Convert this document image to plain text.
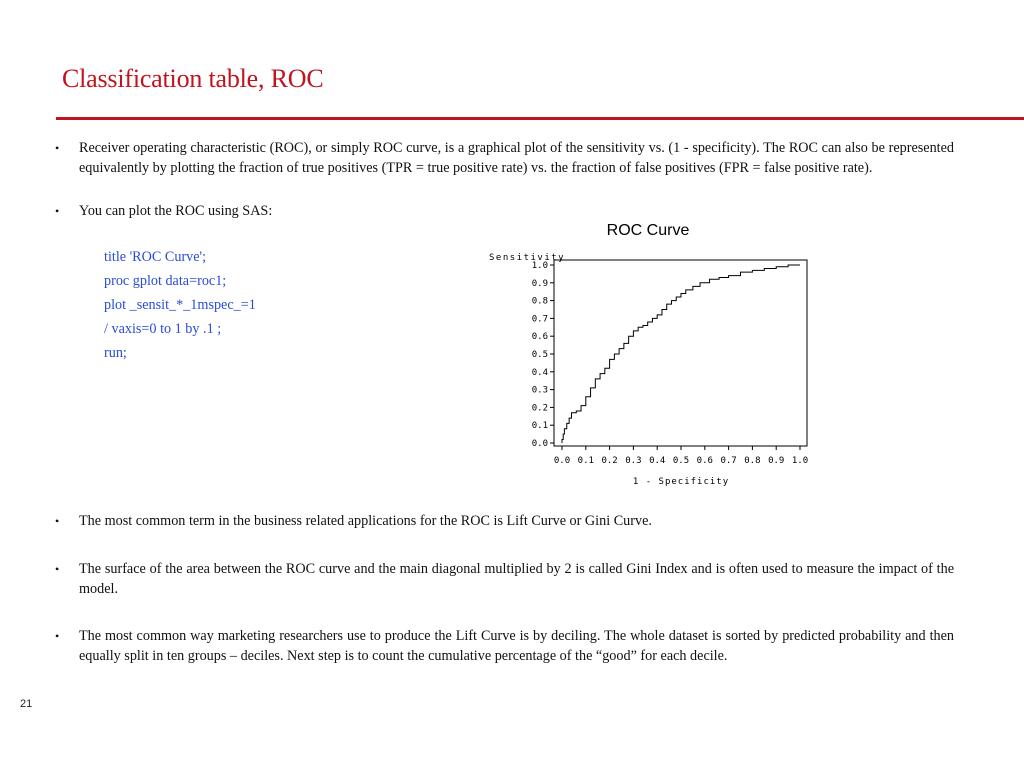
Classification table, ROC
• Receiver operating characteristic (ROC), or simply ROC curve, is a graphical plot of the sensitivity vs. (1 - specificity). The ROC can also be represented equivalently by plotting the fraction of true positives (TPR = true positive rate) vs. the fraction of false positives (FPR = false positive rate).
• You can plot the ROC using SAS:
title 'ROC Curve';
proc gplot data=roc1;
plot _sensit_*_1mspec_=1
/ vaxis=0 to 1 by .1 ;
run;
ROC Curve
Sensitivity
1 - Specificity
0.0
0.1
0.2
0.3
0.4
0.5
0.6
0.7
0.8
0.9
1.0
0.0 0.1 0.2 0.3 0.4 0.5 0.6 0.7 0.8 0.9 1.0
• The most common term in the business related applications for the ROC is Lift Curve or Gini Curve.
• The surface of the area between the ROC curve and the main diagonal multiplied by 2 is called Gini Index and is often used to measure the impact of the model.
• The most common way marketing researchers use to produce the Lift Curve is by deciling. The whole dataset is sorted by predicted probability and then equally split in ten groups – deciles. Next step is to count the cumulative percentage of the “good” for each decile.
21
